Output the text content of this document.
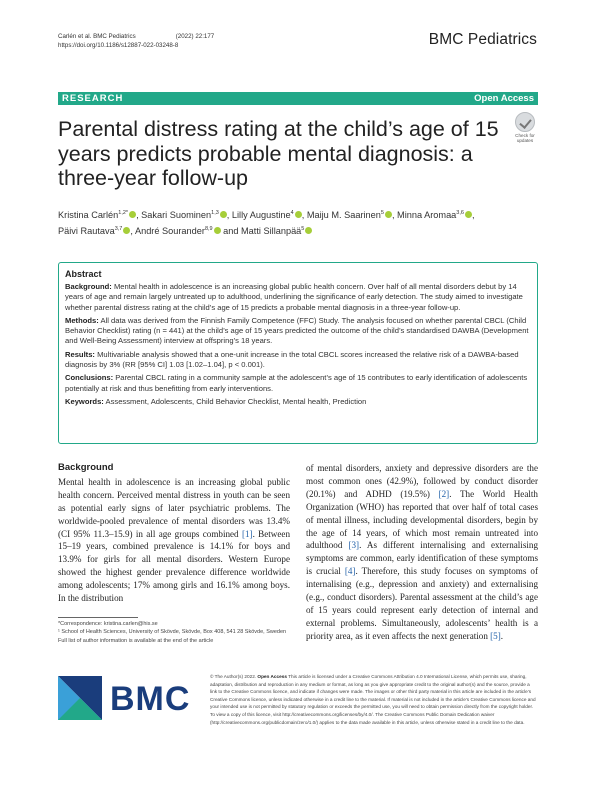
Carlén et al. BMC Pediatrics	(2022) 22:177
https://doi.org/10.1186/s12887-022-03248-8	BMC Pediatrics
RESEARCH	Open Access
Parental distress rating at the child’s age of 15 years predicts probable mental diagnosis: a three-year follow-up
Check for updates
Kristina Carlén$^{1,2*}$ , Sakari Suominen$^{1,3}$ , Lilly Augustine$^4$ , Maiju M. Saarinen$^5$ , Minna Aromaa$^{3,6}$ ,
Päivi Rautava$^{3,7}$ , André Sourander$^{8,9}$ and Matti Sillanpää$^5$
Abstract

Background: Mental health in adolescence is an increasing global public health concern. Over half of all mental disorders debut by 14 years of age and remain largely untreated up to adulthood, underlining the significance of early detection. The study aimed to investigate whether parental distress rating at the child’s age of 15 predicts a probable mental diagnosis in a three-year follow-up.

Methods: All data was derived from the Finnish Family Competence (FFC) Study. The analysis focused on whether parental CBCL (Child Behavior Checklist) rating (n = 441) at the child’s age of 15 years predicted the outcome of the child’s standardised DAWBA (Development and Well-Being Assessment) interview at offspring’s 18 years.

Results: Multivariable analysis showed that a one-unit increase in the total CBCL scores increased the relative risk of a DAWBA-based diagnosis by 3% (RR [95% CI] 1.03 [1.02–1.04], p < 0.001).

Conclusions: Parental CBCL rating in a community sample at the adolescent’s age of 15 contributes to early identification of adolescents potentially at risk and thus benefitting from early interventions.

Keywords: Assessment, Adolescents, Child Behavior Checklist, Mental health, Prediction

Background

Mental health in adolescence is an increasing global public health concern. Perceived mental distress in youth can be seen as potential early signs of later psychiatric problems. The worldwide-pooled prevalence of mental disorders was 13.4% (CI 95% 11.3–15.9) in all age groups combined [1]. Between 15–19 years, combined prevalence is 14.1% for boys and 13.9% for girls for all mental disorders. Western Europe showed the highest gender prevalence difference worldwide among adolescents; 17% among girls and 16.1% among boys. In the distribution

of mental disorders, anxiety and depressive disorders are the most common ones (42.9%), followed by conduct disorder (20.1%) and ADHD (19.5%) [2]. The World Health Organization (WHO) has reported that over half of total cases of mental illness, including developmental disorders, begin by the age of 14 years, of which most remain untreated into adulthood [3]. As different internalising and externalising symptoms are common, early identification of these symptoms is crucial [4]. Therefore, this study focuses on symptoms of internalising (e.g., depression and anxiety) and externalising (e.g., conduct disorders). Parental assessment at the child’s age of 15 years could represent early detection of internal and external problems. Simultaneously, adolescents’ health is a priority area, as it even affects the next generation [5].

*Correspondence: kristina.carlen@his.se
¹ School of Health Sciences, University of Skövde, Skövde, Box 408, 541 28 Skövde, Sweden
Full list of author information is available at the end of the article
BMC
© The Author(s) 2022. Open Access This article is licensed under a Creative Commons Attribution 4.0 International License, which permits use, sharing, adaptation, distribution and reproduction in any medium or format, as long as you give appropriate credit to the original author(s) and the source, provide a link to the Creative Commons licence, and indicate if changes were made. The images or other third party material in this article are included in the article’s Creative Commons licence, unless indicated otherwise in a credit line to the material. If material is not included in the article’s Creative Commons licence and your intended use is not permitted by statutory regulation or exceeds the permitted use, you will need to obtain permission directly from the copyright holder. To view a copy of this licence, visit http://creativecommons.org/licenses/by/4.0/. The Creative Commons Public Domain Dedication waiver (http://creativecommons.org/publicdomain/zero/1.0/) applies to the data made available in this article, unless otherwise stated in a credit line to the data.
